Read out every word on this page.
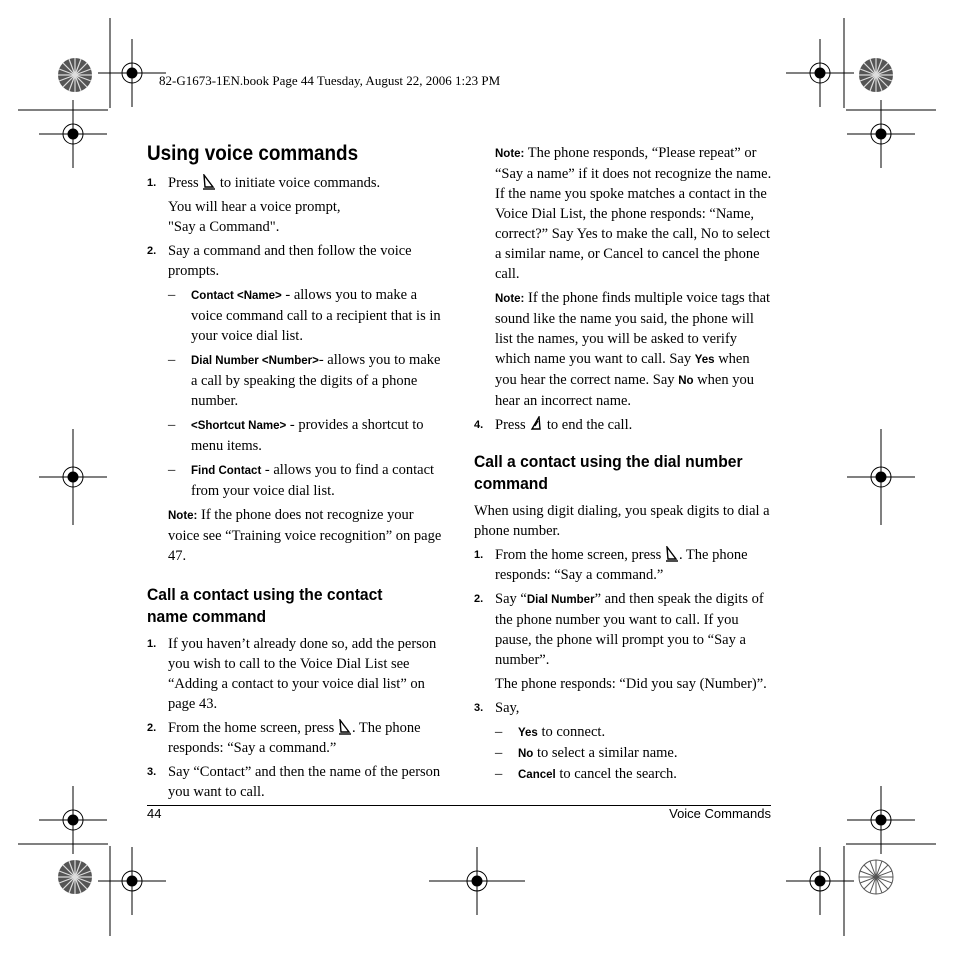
82-G1673-1EN.book Page 44 Tuesday, August 22, 2006 1:23 PM
Using voice commands
1. Press  to initiate voice commands.
You will hear a voice prompt,
"Say a Command".
2. Say a command and then follow the voice prompts.
– Contact <Name> - allows you to make a voice command call to a recipient that is in your voice dial list.
– Dial Number <Number>- allows you to make a call by speaking the digits of a phone number.
– <Shortcut Name> - provides a shortcut to menu items.
– Find Contact - allows you to find a contact from your voice dial list.
Note: If the phone does not recognize your voice see “Training voice recognition” on page 47.
Call a contact using the contact name command
1. If you haven’t already done so, add the person you wish to call to the Voice Dial List see “Adding a contact to your voice dial list” on page 43.
2. From the home screen, press . The phone responds: “Say a command.”
3. Say “Contact” and then the name of the person you want to call.
Note: The phone responds, “Please repeat” or “Say a name” if it does not recognize the name. If the name you spoke matches a contact in the Voice Dial List, the phone responds: “Name, correct?” Say Yes to make the call, No to select a similar name, or Cancel to cancel the phone call.
Note: If the phone finds multiple voice tags that sound like the name you said, the phone will list the names, you will be asked to verify which name you want to call. Say Yes when you hear the correct name. Say No when you hear an incorrect name.
4. Press  to end the call.
Call a contact using the dial number command
When using digit dialing, you speak digits to dial a phone number.
1. From the home screen, press . The phone responds: “Say a command.”
2. Say “Dial Number” and then speak the digits of the phone number you want to call. If you pause, the phone will prompt you to “Say a number”.
The phone responds: “Did you say (Number)”.
3. Say,
– Yes to connect.
– No to select a similar name.
– Cancel to cancel the search.
44	Voice Commands
